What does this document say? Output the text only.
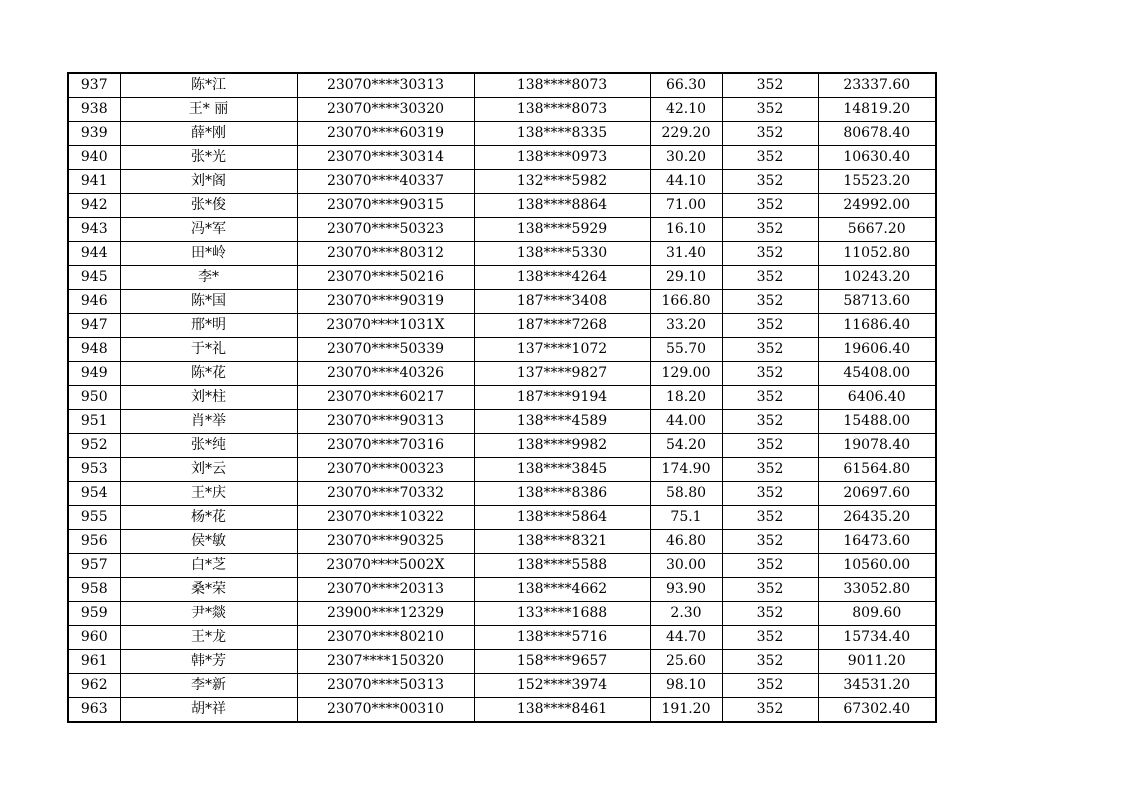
937	陈*江	23070****30313	138****8073	66.30	352	23337.60
938	王* 丽	23070****30320	138****8073	42.10	352	14819.20
939	薛*刚	23070****60319	138****8335	229.20	352	80678.40
940	张*光	23070****30314	138****0973	30.20	352	10630.40
941	刘*阁	23070****40337	132****5982	44.10	352	15523.20
942	张*俊	23070****90315	138****8864	71.00	352	24992.00
943	冯*军	23070****50323	138****5929	16.10	352	5667.20
944	田*岭	23070****80312	138****5330	31.40	352	11052.80
945	李*	23070****50216	138****4264	29.10	352	10243.20
946	陈*国	23070****90319	187****3408	166.80	352	58713.60
947	邢*明	23070****1031X	187****7268	33.20	352	11686.40
948	于*礼	23070****50339	137****1072	55.70	352	19606.40
949	陈*花	23070****40326	137****9827	129.00	352	45408.00
950	刘*柱	23070****60217	187****9194	18.20	352	6406.40
951	肖*举	23070****90313	138****4589	44.00	352	15488.00
952	张*纯	23070****70316	138****9982	54.20	352	19078.40
953	刘*云	23070****00323	138****3845	174.90	352	61564.80
954	王*庆	23070****70332	138****8386	58.80	352	20697.60
955	杨*花	23070****10322	138****5864	75.1	352	26435.20
956	侯*敏	23070****90325	138****8321	46.80	352	16473.60
957	白*芝	23070****5002X	138****5588	30.00	352	10560.00
958	桑*荣	23070****20313	138****4662	93.90	352	33052.80
959	尹*燚	23900****12329	133****1688	2.30	352	809.60
960	王*龙	23070****80210	138****5716	44.70	352	15734.40
961	韩*芳	2307****150320	158****9657	25.60	352	9011.20
962	李*新	23070****50313	152****3974	98.10	352	34531.20
963	胡*祥	23070****00310	138****8461	191.20	352	67302.40
